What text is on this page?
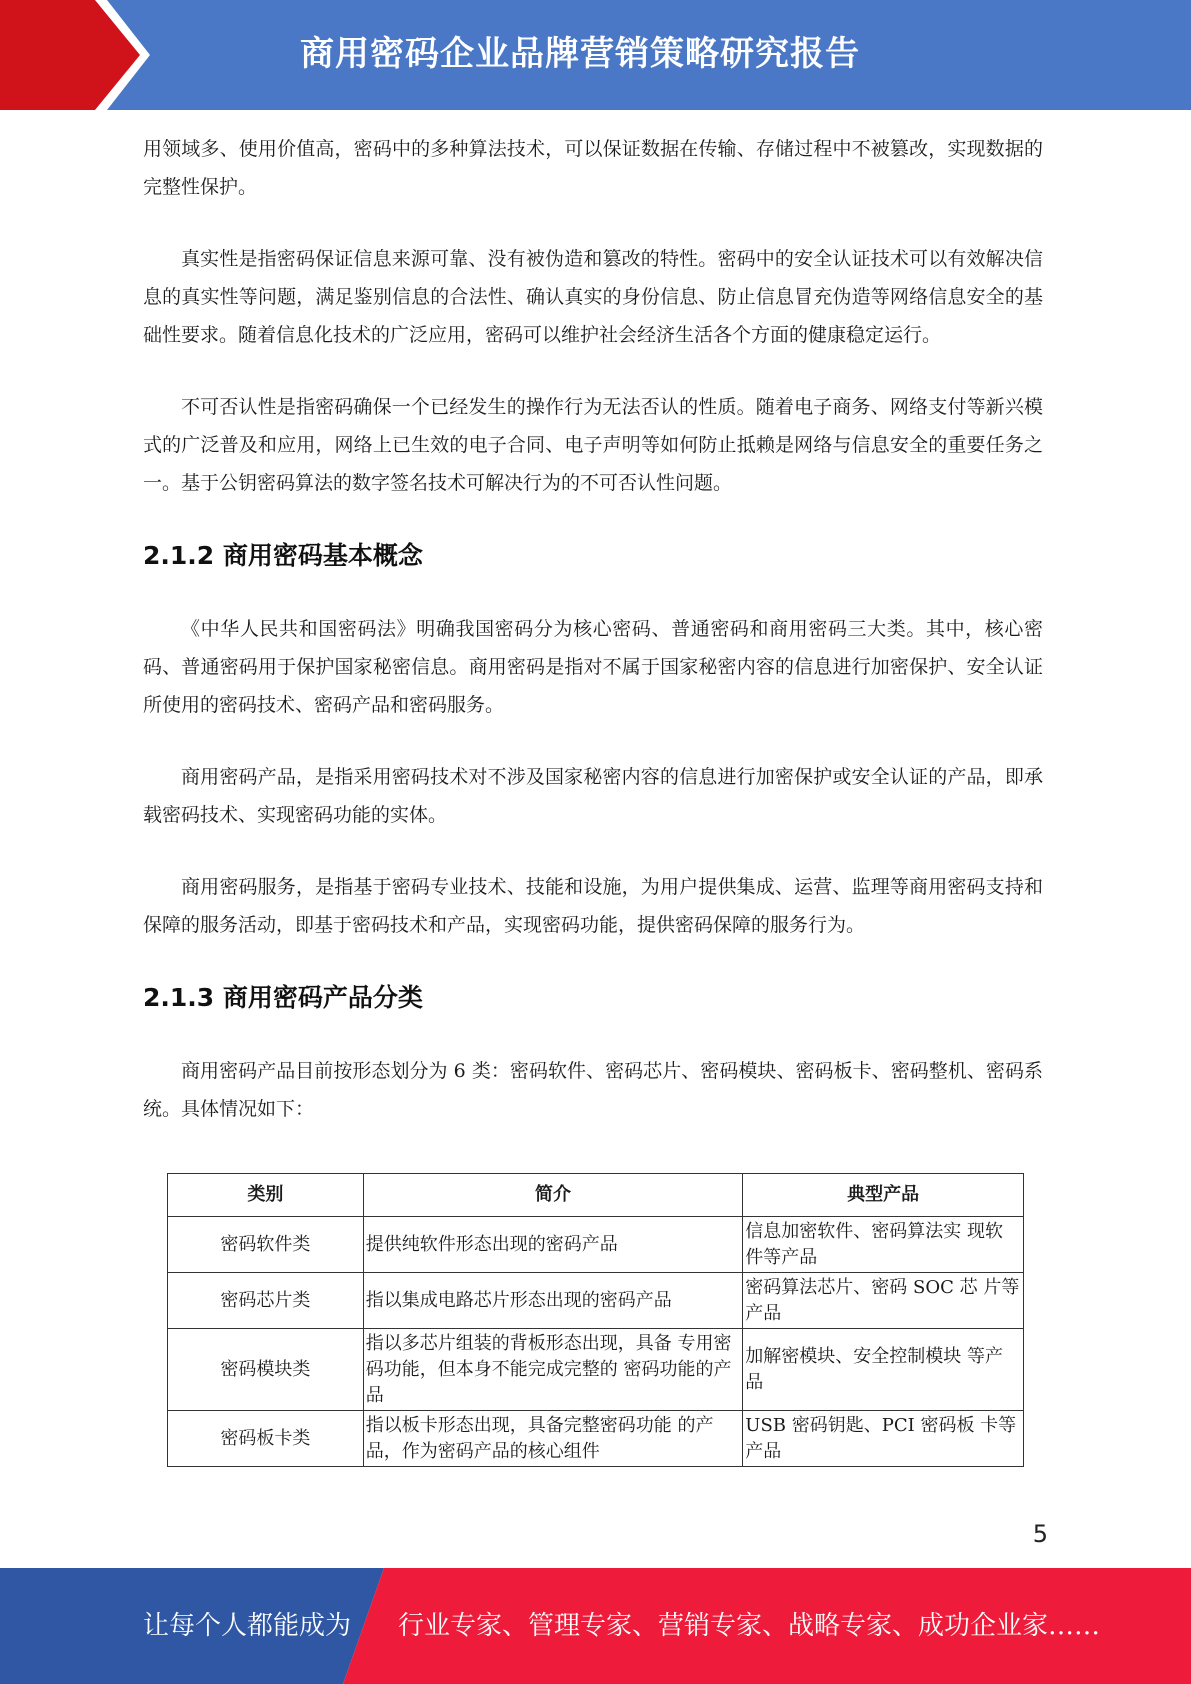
商用密码企业品牌营销策略研究报告

用领域多、使用价值高，密码中的多种算法技术，可以保证数据在传输、存储过程中不被篡改，实现数据的完整性保护。

真实性是指密码保证信息来源可靠、没有被伪造和篡改的特性。密码中的安全认证技术可以有效解决信息的真实性等问题，满足鉴别信息的合法性、确认真实的身份信息、防止信息冒充伪造等网络信息安全的基础性要求。随着信息化技术的广泛应用，密码可以维护社会经济生活各个方面的健康稳定运行。

不可否认性是指密码确保一个已经发生的操作行为无法否认的性质。随着电子商务、网络支付等新兴模式的广泛普及和应用，网络上已生效的电子合同、电子声明等如何防止抵赖是网络与信息安全的重要任务之一。基于公钥密码算法的数字签名技术可解决行为的不可否认性问题。

2.1.2 商用密码基本概念

《中华人民共和国密码法》明确我国密码分为核心密码、普通密码和商用密码三大类。其中，核心密码、普通密码用于保护国家秘密信息。商用密码是指对不属于国家秘密内容的信息进行加密保护、安全认证所使用的密码技术、密码产品和密码服务。

商用密码产品，是指采用密码技术对不涉及国家秘密内容的信息进行加密保护或安全认证的产品，即承载密码技术、实现密码功能的实体。

商用密码服务，是指基于密码专业技术、技能和设施，为用户提供集成、运营、监理等商用密码支持和保障的服务活动，即基于密码技术和产品，实现密码功能，提供密码保障的服务行为。

2.1.3 商用密码产品分类

商用密码产品目前按形态划分为 6 类：密码软件、密码芯片、密码模块、密码板卡、密码整机、密码系统。具体情况如下：

类别	简介	典型产品
密码软件类	提供纯软件形态出现的密码产品	信息加密软件、密码算法实 现软件等产品
密码芯片类	指以集成电路芯片形态出现的密码产品	密码算法芯片、密码 SOC 芯 片等产品
密码模块类	指以多芯片组装的背板形态出现，具备 专用密码功能，但本身不能完成完整的 密码功能的产品	加解密模块、安全控制模块 等产品
密码板卡类	指以板卡形态出现，具备完整密码功能 的产品，作为密码产品的核心组件	USB 密码钥匙、PCI 密码板 卡等产品
5
让每个人都能成为 行业专家、管理专家、营销专家、战略专家、成功企业家……
